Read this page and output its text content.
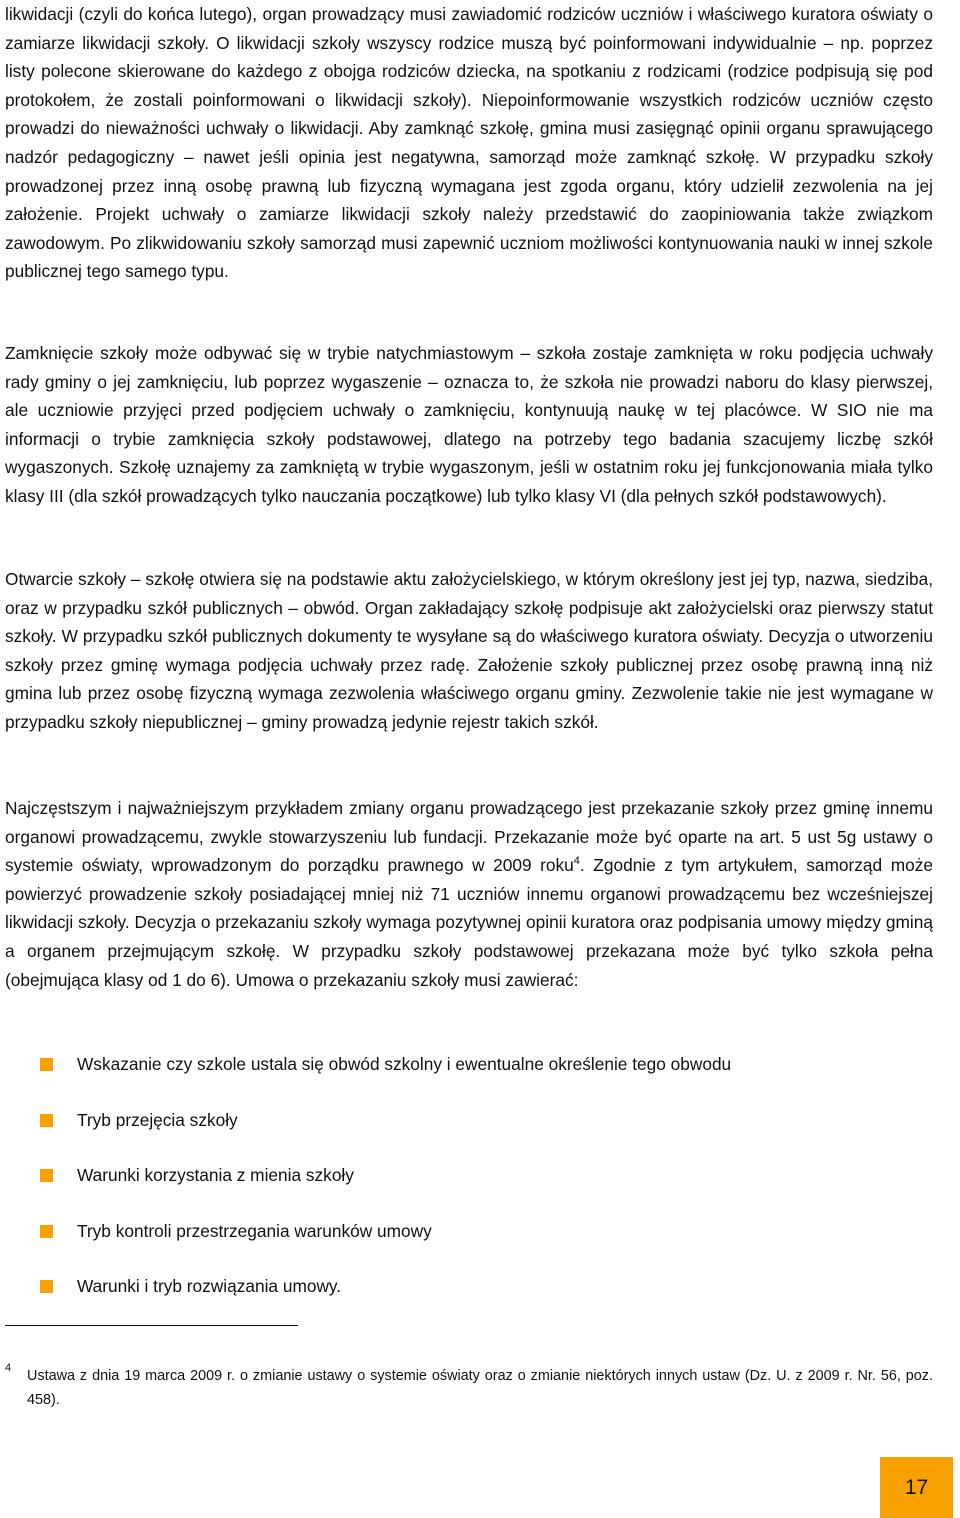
likwidacji (czyli do końca lutego), organ prowadzący musi zawiadomić rodziców uczniów i właściwego kuratora oświaty o zamiarze likwidacji szkoły. O likwidacji szkoły wszyscy rodzice muszą być poinformowani indywidualnie – np. poprzez listy polecone skierowane do każdego z obojga rodziców dziecka, na spotkaniu z rodzicami (rodzice podpisują się pod protokołem, że zostali poinformowani o likwidacji szkoły). Niepoinformowanie wszystkich rodziców uczniów często prowadzi do nieważności uchwały o likwidacji. Aby zamknąć szkołę, gmina musi zasięgnąć opinii organu sprawującego nadzór pedagogiczny – nawet jeśli opinia jest negatywna, samorząd może zamknąć szkołę. W przypadku szkoły prowadzonej przez inną osobę prawną lub fizyczną wymagana jest zgoda organu, który udzielił zezwolenia na jej założenie. Projekt uchwały o zamiarze likwidacji szkoły należy przedstawić do zaopiniowania także związkom zawodowym. Po zlikwidowaniu szkoły samorząd musi zapewnić uczniom możliwości kontynuowania nauki w innej szkole publicznej tego samego typu.

Zamknięcie szkoły może odbywać się w trybie natychmiastowym – szkoła zostaje zamknięta w roku podjęcia uchwały rady gminy o jej zamknięciu, lub poprzez wygaszenie – oznacza to, że szkoła nie prowadzi naboru do klasy pierwszej, ale uczniowie przyjęci przed podjęciem uchwały o zamknięciu, kontynuują naukę w tej placówce. W SIO nie ma informacji o trybie zamknięcia szkoły podstawowej, dlatego na potrzeby tego badania szacujemy liczbę szkół wygaszonych. Szkołę uznajemy za zamkniętą w trybie wygaszonym, jeśli w ostatnim roku jej funkcjonowania miała tylko klasy III (dla szkół prowadzących tylko nauczania początkowe) lub tylko klasy VI (dla pełnych szkół podstawowych).

Otwarcie szkoły – szkołę otwiera się na podstawie aktu założycielskiego, w którym określony jest jej typ, nazwa, siedziba, oraz w przypadku szkół publicznych – obwód. Organ zakładający szkołę podpisuje akt założycielski oraz pierwszy statut szkoły. W przypadku szkół publicznych dokumenty te wysyłane są do właściwego kuratora oświaty. Decyzja o utworzeniu szkoły przez gminę wymaga podjęcia uchwały przez radę. Założenie szkoły publicznej przez osobę prawną inną niż gmina lub przez osobę fizyczną wymaga zezwolenia właściwego organu gminy. Zezwolenie takie nie jest wymagane w przypadku szkoły niepublicznej – gminy prowadzą jedynie rejestr takich szkół.

Najczęstszym i najważniejszym przykładem zmiany organu prowadzącego jest przekazanie szkoły przez gminę innemu organowi prowadzącemu, zwykle stowarzyszeniu lub fundacji. Przekazanie może być oparte na art. 5 ust 5g ustawy o systemie oświaty, wprowadzonym do porządku prawnego w 2009 roku$^4$. Zgodnie z tym artykułem, samorząd może powierzyć prowadzenie szkoły posiadającej mniej niż 71 uczniów innemu organowi prowadzącemu bez wcześniejszej likwidacji szkoły. Decyzja o przekazaniu szkoły wymaga pozytywnej opinii kuratora oraz podpisania umowy między gminą a organem przejmującym szkołę. W przypadku szkoły podstawowej przekazana może być tylko szkoła pełna (obejmująca klasy od 1 do 6). Umowa o przekazaniu szkoły musi zawierać:

Wskazanie czy szkole ustala się obwód szkolny i ewentualne określenie tego obwodu
Tryb przejęcia szkoły
Warunki korzystania z mienia szkoły
Tryb kontroli przestrzegania warunków umowy
Warunki i tryb rozwiązania umowy.
4 Ustawa z dnia 19 marca 2009 r. o zmianie ustawy o systemie oświaty oraz o zmianie niektórych innych ustaw (Dz. U. z 2009 r. Nr. 56, poz. 458).

17
